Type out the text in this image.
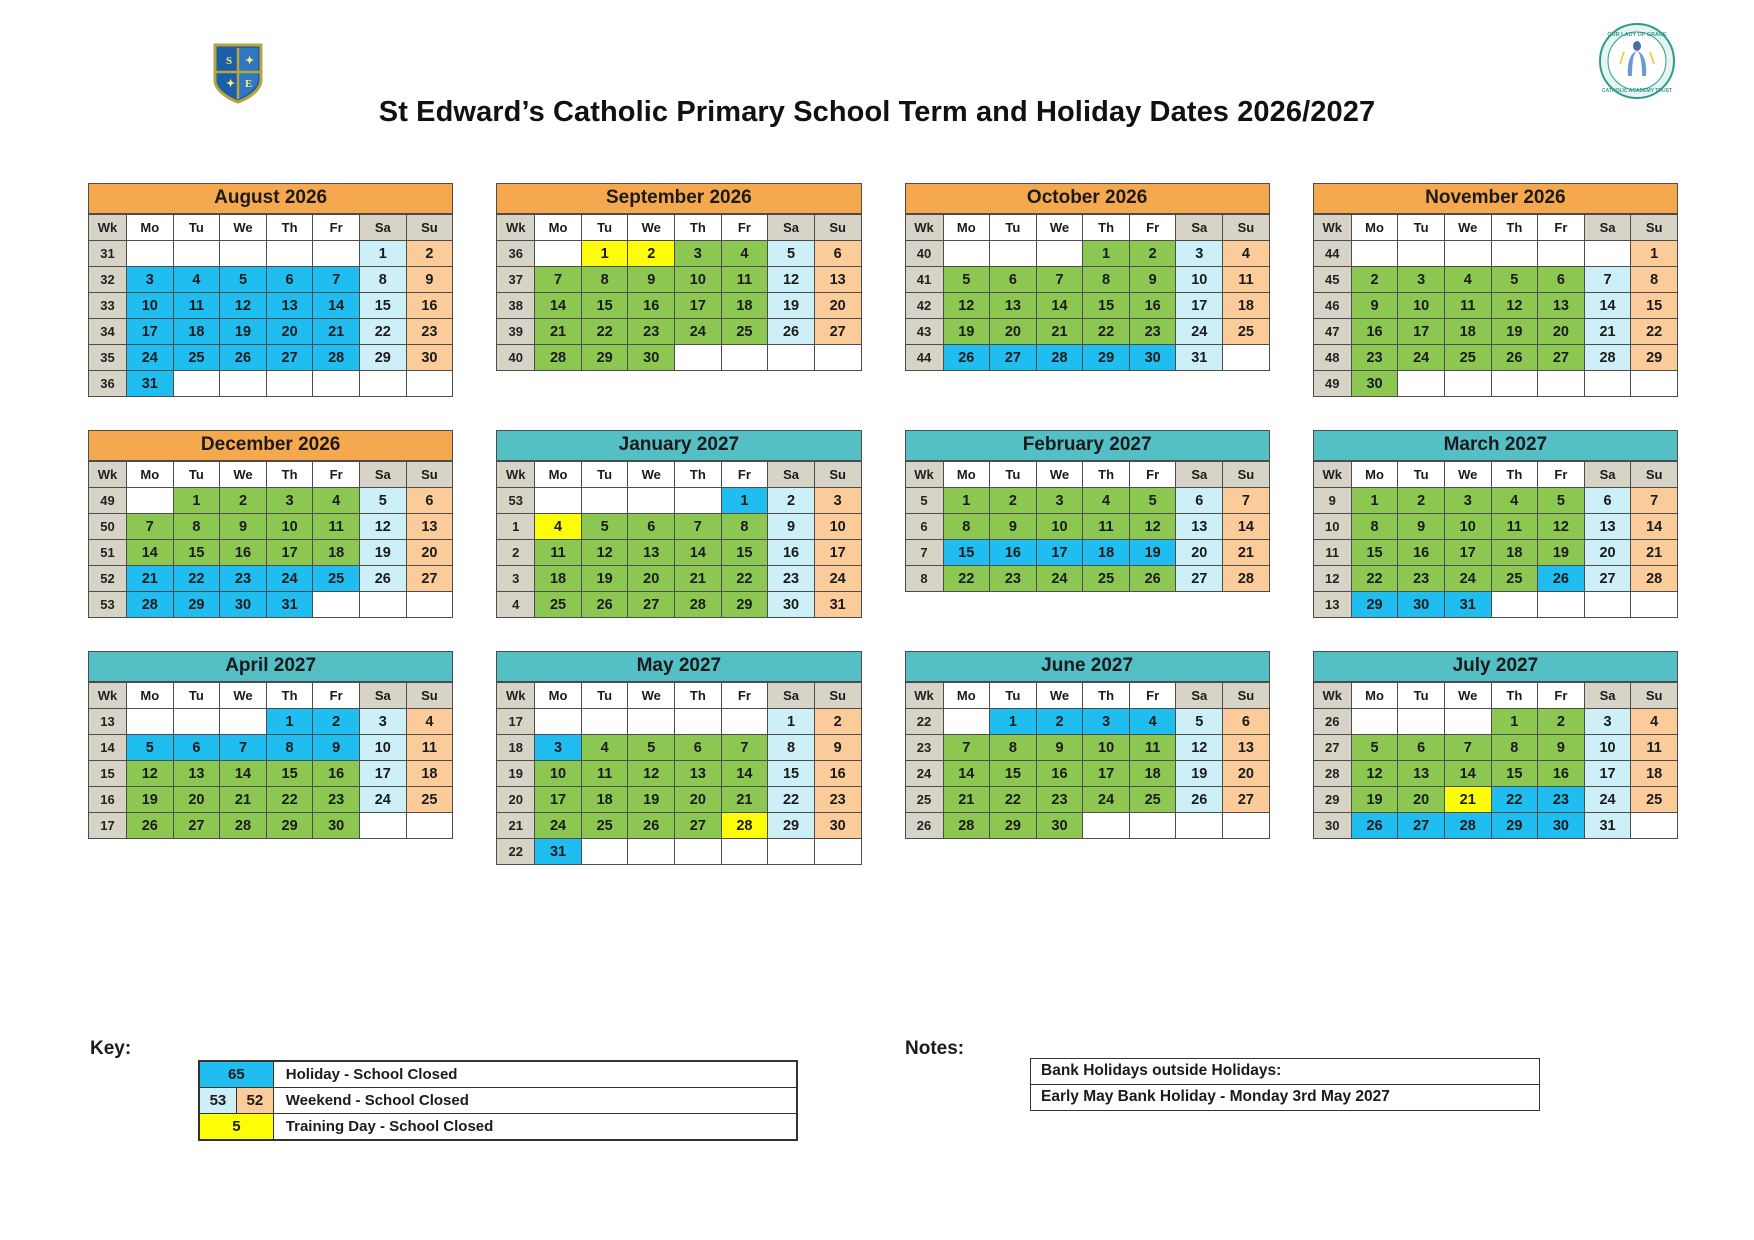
S ✦
✦ E
OUR LADY OF GRACE
CATHOLIC ACADEMY TRUST
St Edward’s Catholic Primary School Term and Holiday Dates 2026/2027
August 2026
Wk	Mo	Tu	We	Th	Fr	Sa	Su
31						1	2
32	3	4	5	6	7	8	9
33	10	11	12	13	14	15	16
34	17	18	19	20	21	22	23
35	24	25	26	27	28	29	30
36	31						
September 2026
Wk	Mo	Tu	We	Th	Fr	Sa	Su
36		1	2	3	4	5	6
37	7	8	9	10	11	12	13
38	14	15	16	17	18	19	20
39	21	22	23	24	25	26	27
40	28	29	30				
October 2026
Wk	Mo	Tu	We	Th	Fr	Sa	Su
40				1	2	3	4
41	5	6	7	8	9	10	11
42	12	13	14	15	16	17	18
43	19	20	21	22	23	24	25
44	26	27	28	29	30	31	
November 2026
Wk	Mo	Tu	We	Th	Fr	Sa	Su
44							1
45	2	3	4	5	6	7	8
46	9	10	11	12	13	14	15
47	16	17	18	19	20	21	22
48	23	24	25	26	27	28	29
49	30						
December 2026
Wk	Mo	Tu	We	Th	Fr	Sa	Su
49		1	2	3	4	5	6
50	7	8	9	10	11	12	13
51	14	15	16	17	18	19	20
52	21	22	23	24	25	26	27
53	28	29	30	31			
January 2027
Wk	Mo	Tu	We	Th	Fr	Sa	Su
53					1	2	3
1	4	5	6	7	8	9	10
2	11	12	13	14	15	16	17
3	18	19	20	21	22	23	24
4	25	26	27	28	29	30	31
February 2027
Wk	Mo	Tu	We	Th	Fr	Sa	Su
5	1	2	3	4	5	6	7
6	8	9	10	11	12	13	14
7	15	16	17	18	19	20	21
8	22	23	24	25	26	27	28
March 2027
Wk	Mo	Tu	We	Th	Fr	Sa	Su
9	1	2	3	4	5	6	7
10	8	9	10	11	12	13	14
11	15	16	17	18	19	20	21
12	22	23	24	25	26	27	28
13	29	30	31				
April 2027
Wk	Mo	Tu	We	Th	Fr	Sa	Su
13				1	2	3	4
14	5	6	7	8	9	10	11
15	12	13	14	15	16	17	18
16	19	20	21	22	23	24	25
17	26	27	28	29	30		
May 2027
Wk	Mo	Tu	We	Th	Fr	Sa	Su
17						1	2
18	3	4	5	6	7	8	9
19	10	11	12	13	14	15	16
20	17	18	19	20	21	22	23
21	24	25	26	27	28	29	30
22	31						
June 2027
Wk	Mo	Tu	We	Th	Fr	Sa	Su
22		1	2	3	4	5	6
23	7	8	9	10	11	12	13
24	14	15	16	17	18	19	20
25	21	22	23	24	25	26	27
26	28	29	30				
July 2027
Wk	Mo	Tu	We	Th	Fr	Sa	Su
26				1	2	3	4
27	5	6	7	8	9	10	11
28	12	13	14	15	16	17	18
29	19	20	21	22	23	24	25
30	26	27	28	29	30	31	
Key:
65		Holiday - School Closed
53	52	Weekend - School Closed
5		Training Day - School Closed
Notes:
Bank Holidays outside Holidays:
Early May Bank Holiday - Monday 3rd May 2027
